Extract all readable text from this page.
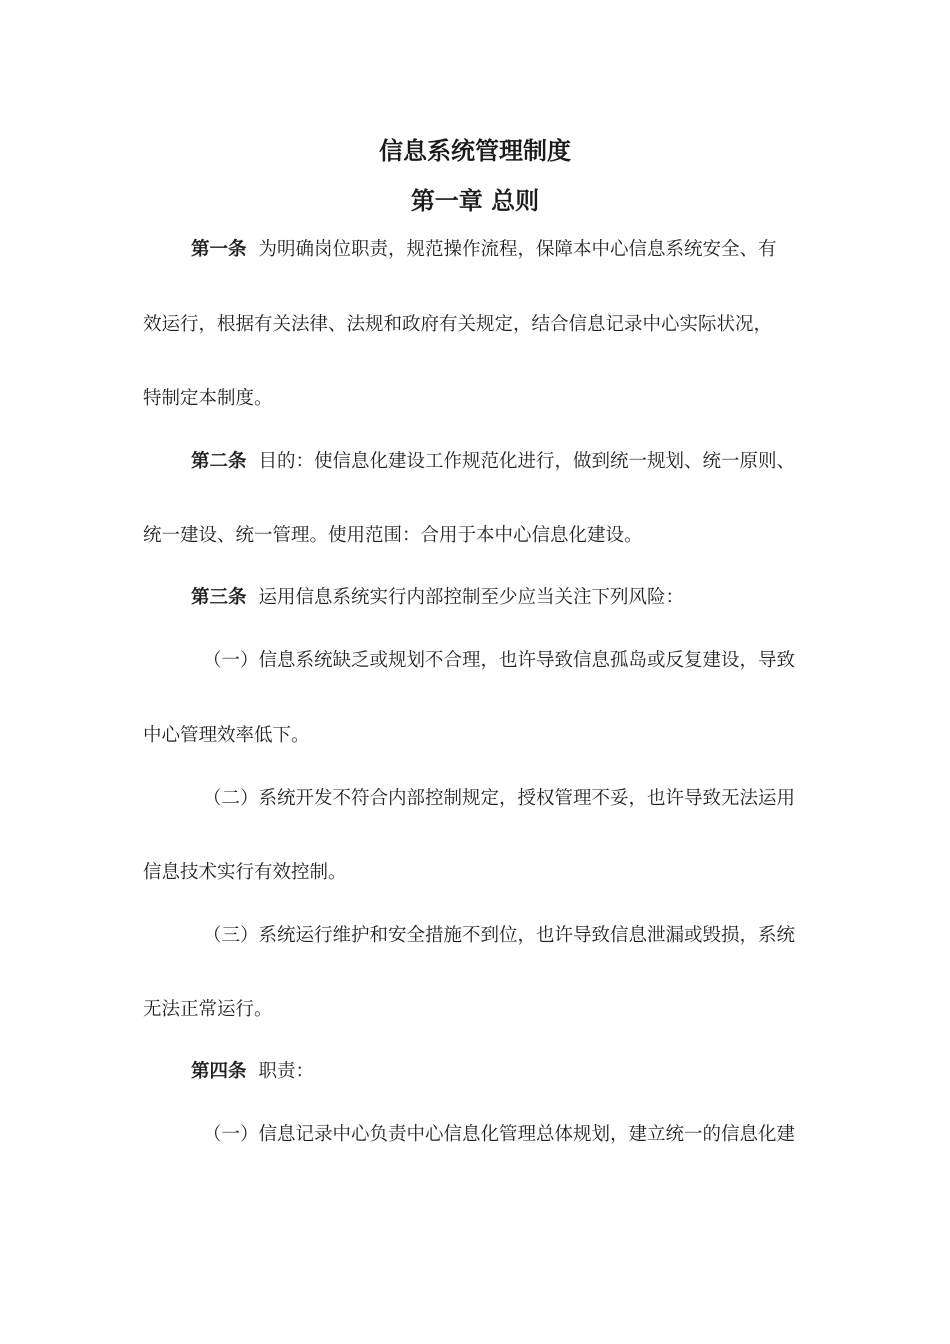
信息系统管理制度
第一章 总则

第一条 为明确岗位职责，规范操作流程，保障本中心信息系统安全、有

效运行，根据有关法律、法规和政府有关规定，结合信息记录中心实际状况，

特制定本制度。

第二条 目的：使信息化建设工作规范化进行，做到统一规划、统一原则、

统一建设、统一管理。使用范围：合用于本中心信息化建设。

第三条 运用信息系统实行内部控制至少应当关注下列风险：

（一）信息系统缺乏或规划不合理，也许导致信息孤岛或反复建设，导致

中心管理效率低下。

（二）系统开发不符合内部控制规定，授权管理不妥，也许导致无法运用

信息技术实行有效控制。

（三）系统运行维护和安全措施不到位，也许导致信息泄漏或毁损，系统

无法正常运行。

第四条 职责：

（一）信息记录中心负责中心信息化管理总体规划，建立统一的信息化建
